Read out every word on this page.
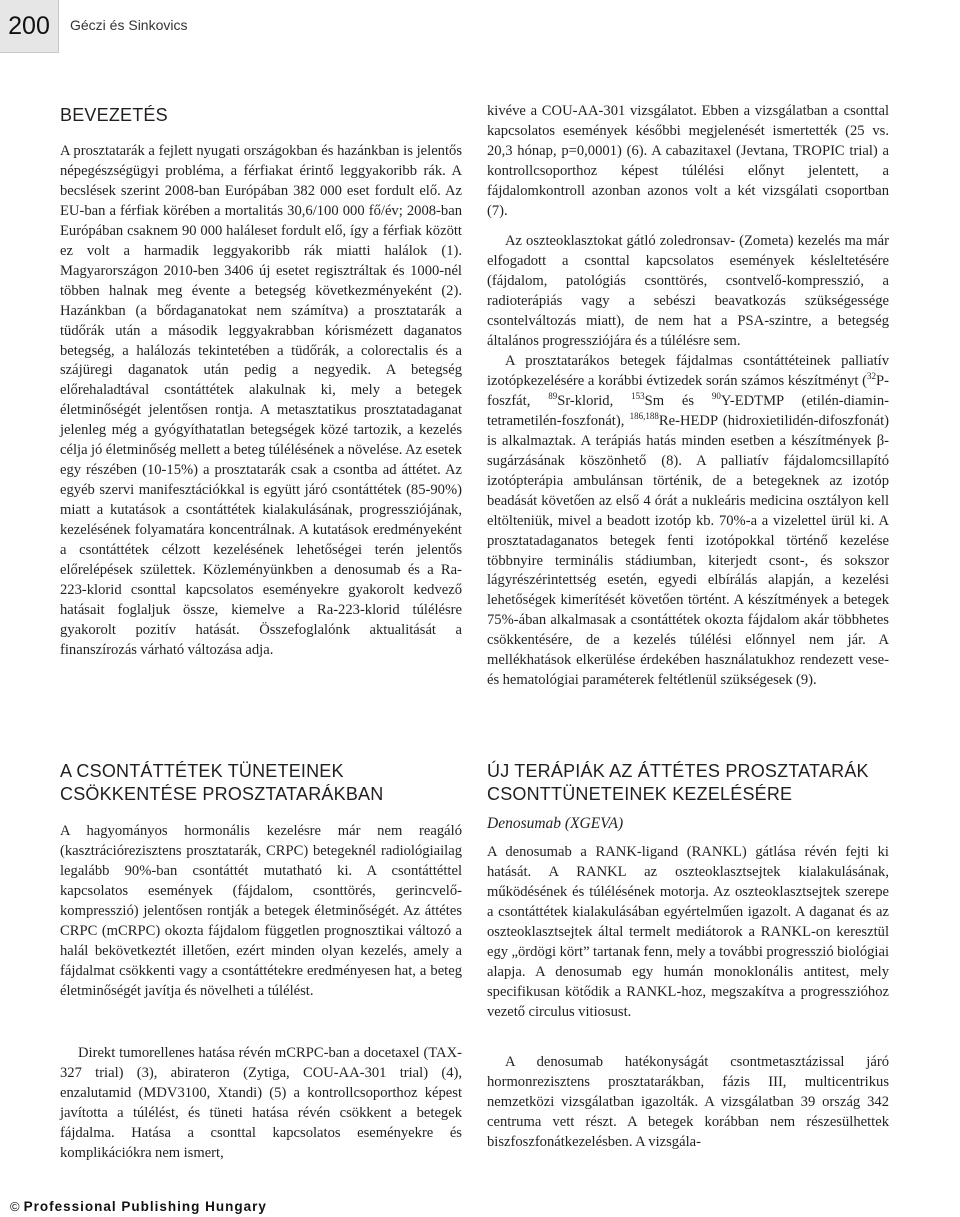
200	Géczi és Sinkovics
BEVEZETÉS

A prosztatarák a fejlett nyugati országokban és hazánkban is jelentős népegészségügyi probléma, a férfiakat érintő leggyakoribb rák. A becslések szerint 2008-ban Európában 382 000 eset fordult elő. Az EU-ban a férfiak körében a mortalitás 30,6/100 000 fő/év; 2008-ban Európában csaknem 90 000 haláleset fordult elő, így a férfiak között ez volt a harmadik leggyakoribb rák miatti halálok (1). Magyarországon 2010-ben 3406 új esetet regisztráltak és 1000-nél többen halnak meg évente a betegség következményeként (2). Hazánkban (a bőrdaganatokat nem számítva) a prosztatarák a tüdőrák után a második leggyakrabban kórismézett daganatos betegség, a halálozás tekintetében a tüdőrák, a colorectalis és a szájüregi daganatok után pedig a negyedik. A betegség előrehaladtával csontáttétek alakulnak ki, mely a betegek életminőségét jelentősen rontja. A metasztatikus prosztatadaganat jelenleg még a gyógyíthatatlan betegségek közé tartozik, a kezelés célja jó életminőség mellett a beteg túlélésének a növelése. Az esetek egy részében (10-15%) a prosztatarák csak a csontba ad áttétet. Az egyéb szervi manifesztációkkal is együtt járó csontáttétek (85-90%) miatt a kutatások a csontáttétek kialakulásának, progressziójának, kezelésének folyamatára koncentrálnak. A kutatások eredményeként a csontáttétek célzott kezelésének lehetőségei terén jelentős előrelépések születtek. Közleményünkben a denosumab és a Ra-223-klorid csonttal kapcsolatos eseményekre gyakorolt kedvező hatásait foglaljuk össze, kiemelve a Ra-223-klorid túlélésre gyakorolt pozitív hatását. Összefoglalónk aktualitását a finanszírozás várható változása adja.

A CSONTÁTTÉTEK TÜNETEINEK
CSÖKKENTÉSE PROSZTATARÁKBAN

A hagyományos hormonális kezelésre már nem reagáló (kasztrációrezisztens prosztatarák, CRPC) betegeknél radiológiailag legalább 90%-ban csontáttét mutatható ki. A csontáttéttel kapcsolatos események (fájdalom, csonttörés, gerincvelő-kompresszió) jelentősen rontják a betegek életminőségét. Az áttétes CRPC (mCRPC) okozta fájdalom független prognosztikai változó a halál bekövetkeztét illetően, ezért minden olyan kezelés, amely a fájdalmat csökkenti vagy a csontáttétekre eredményesen hat, a beteg életminőségét javítja és növelheti a túlélést.

Direkt tumorellenes hatása révén mCRPC-ban a docetaxel (TAX-327 trial) (3), abirateron (Zytiga, COU-AA-301 trial) (4), enzalutamid (MDV3100, Xtandi) (5) a kontrollcsoporthoz képest javította a túlélést, és tüneti hatása révén csökkent a betegek fájdalma. Hatása a csonttal kapcsolatos eseményekre és komplikációkra nem ismert,

kivéve a COU-AA-301 vizsgálatot. Ebben a vizsgálatban a csonttal kapcsolatos események későbbi megjelenését ismertették (25 vs. 20,3 hónap, p=0,0001) (6). A cabazitaxel (Jevtana, TROPIC trial) a kontrollcsoporthoz képest túlélési előnyt jelentett, a fájdalomkontroll azonban azonos volt a két vizsgálati csoportban (7).

Az oszteoklasztokat gátló zoledronsav- (Zometa) kezelés ma már elfogadott a csonttal kapcsolatos események késleltetésére (fájdalom, patológiás csonttörés, csontvelő-kompresszió, a radioterápiás vagy a sebészi beavatkozás szükségessége csontelváltozás miatt), de nem hat a PSA-szintre, a betegség általános progressziójára és a túlélésre sem.

A prosztatarákos betegek fájdalmas csontáttéteinek palliatív izotópkezelésére a korábbi évtizedek során számos készítményt ($^{32}$P-foszfát, $^{89}$Sr-klorid, $^{153}$Sm és $^{90}$Y-EDTMP (etilén-diamin-tetrametilén-foszfonát), $^{186,188}$Re-HEDP (hidroxietilidén-difoszfonát) is alkalmaztak. A terápiás hatás minden esetben a készítmények β-sugárzásának köszönhető (8). A palliatív fájdalomcsillapító izotópterápia ambulánsan történik, de a betegeknek az izotóp beadását követően az első 4 órát a nukleáris medicina osztályon kell eltölteniük, mivel a beadott izotóp kb. 70%-a a vizelettel ürül ki. A prosztatadaganatos betegek fenti izotópokkal történő kezelése többnyire terminális stádiumban, kiterjedt csont-, és sokszor lágyrészérintettség esetén, egyedi elbírálás alapján, a kezelési lehetőségek kimerítését követően történt. A készítmények a betegek 75%-ában alkalmasak a csontáttétek okozta fájdalom akár többhetes csökkentésére, de a kezelés túlélési előnnyel nem jár. A mellékhatások elkerülése érdekében használatukhoz rendezett vese- és hematológiai paraméterek feltétlenül szükségesek (9).

ÚJ TERÁPIÁK AZ ÁTTÉTES PROSZTATARÁK
CSONTTÜNETEINEK KEZELÉSÉRE

Denosumab (XGEVA)

A denosumab a RANK-ligand (RANKL) gátlása révén fejti ki hatását. A RANKL az oszteoklasztsejtek kialakulásának, működésének és túlélésének motorja. Az oszteoklasztsejtek szerepe a csontáttétek kialakulásában egyértelműen igazolt. A daganat és az oszteoklasztsejtek által termelt mediátorok a RANKL-on keresztül egy „ördögi kört” tartanak fenn, mely a további progresszió biológiai alapja. A denosumab egy humán monoklonális antitest, mely specifikusan kötődik a RANKL-hoz, megszakítva a progresszióhoz vezető circulus vitiosust.

A denosumab hatékonyságát csontmetasztázissal járó hormonrezisztens prosztatarákban, fázis III, multicentrikus nemzetközi vizsgálatban igazolták. A vizsgálatban 39 ország 342 centruma vett részt. A betegek korábban nem részesülhettek biszfoszfonátkezelésben. A vizsgála-

© Professional Publishing Hungary
